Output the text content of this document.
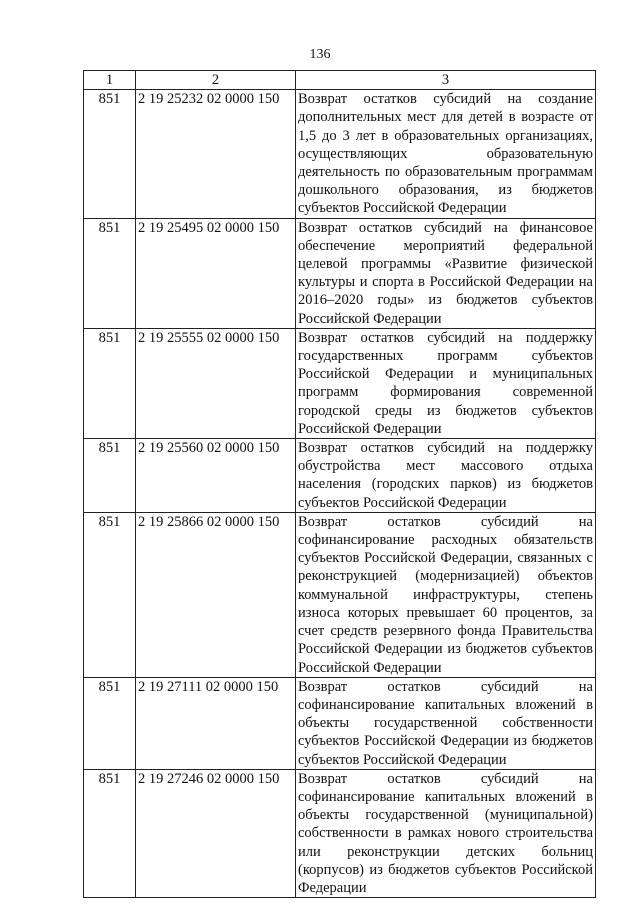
136
1	2	3
851	2 19 25232 02 0000 150	Возврат остатков субсидий на создание дополнительных мест для детей в возрасте от 1,5 до 3 лет в образовательных организациях, осуществляющих образовательную деятельность по образовательным программам дошкольного образования, из бюджетов субъектов Российской Федерации
851	2 19 25495 02 0000 150	Возврат остатков субсидий на финансовое обеспечение мероприятий федеральной целевой программы «Развитие физической культуры и спорта в Российской Федерации на 2016–2020 годы» из бюджетов субъектов Российской Федерации
851	2 19 25555 02 0000 150	Возврат остатков субсидий на поддержку государственных программ субъектов Российской Федерации и муниципальных программ формирования современной городской среды из бюджетов субъектов Российской Федерации
851	2 19 25560 02 0000 150	Возврат остатков субсидий на поддержку обустройства мест массового отдыха населения (городских парков) из бюджетов субъектов Российской Федерации
851	2 19 25866 02 0000 150	Возврат остатков субсидий на софинансирование расходных обязательств субъектов Российской Федерации, связанных с реконструкцией (модернизацией) объектов коммунальной инфраструктуры, степень износа которых превышает 60 процентов, за счет средств резервного фонда Правительства Российской Федерации из бюджетов субъектов Российской Федерации
851	2 19 27111 02 0000 150	Возврат остатков субсидий на софинансирование капитальных вложений в объекты государственной собственности субъектов Российской Федерации из бюджетов субъектов Российской Федерации
851	2 19 27246 02 0000 150	Возврат остатков субсидий на софинансирование капитальных вложений в объекты государственной (муниципальной) собственности в рамках нового строительства или реконструкции детских больниц (корпусов) из бюджетов субъектов Российской Федерации
